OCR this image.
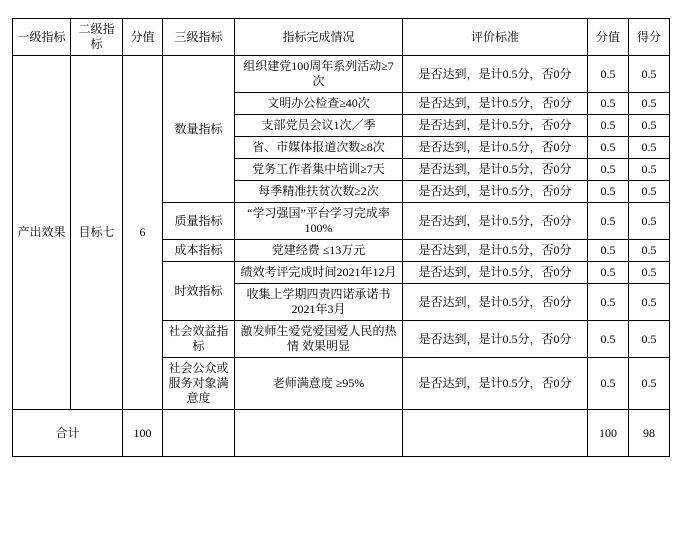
一级指标	二级指标	分值	三级指标	指标完成情况	评价标准	分值	得分
产出效果	目标七	6	数量指标	组织建党100周年系列活动≥7次	是否达到，是计0.5分，否0分	0.5	0.5
				文明办公检查≥40次	是否达到，是计0.5分，否0分	0.5	0.5
				支部党员会议1次／季	是否达到，是计0.5分，否0分	0.5	0.5
				省、市媒体报道次数≥8次	是否达到，是计0.5分，否0分	0.5	0.5
				党务工作者集中培训≥7天	是否达到，是计0.5分，否0分	0.5	0.5
				每季精准扶贫次数≥2次	是否达到，是计0.5分，否0分	0.5	0.5
			质量指标	“学习强国”平台学习完成率 100%	是否达到，是计0.5分，否0分	0.5	0.5
			成本指标	党建经费 ≤13万元	是否达到，是计0.5分，否0分	0.5	0.5
			时效指标	绩效考评完成时间2021年12月	是否达到，是计0.5分，否0分	0.5	0.5
				收集上学期四责四诺承诺书2021年3月	是否达到，是计0.5分，否0分	0.5	0.5
			社会效益指标	激发师生爱党爱国爱人民的热情 效果明显	是否达到，是计0.5分，否0分	0.5	0.5
			社会公众或服务对象满意度	老师满意度 ≥95%	是否达到，是计0.5分，否0分	0.5	0.5
合计		100				100	98
